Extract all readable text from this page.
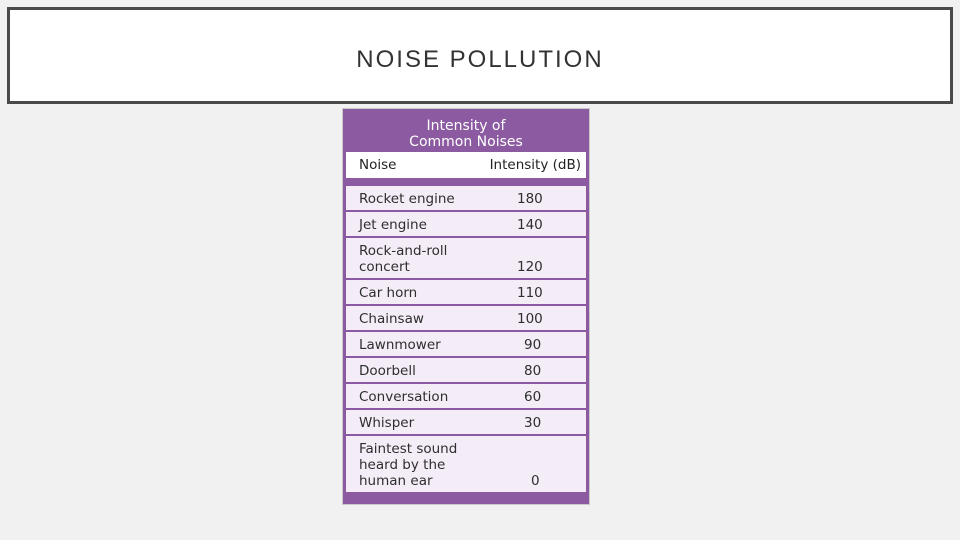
NOISE POLLUTION
Intensity of
Common Noises
Noise	Intensity (dB)
Rocket engine	180
Jet engine	140
Rock-and-roll
concert	120
Car horn	110
Chainsaw	100
Lawnmower	90
Doorbell	80
Conversation	60
Whisper	30
Faintest sound
heard by the
human ear	0
